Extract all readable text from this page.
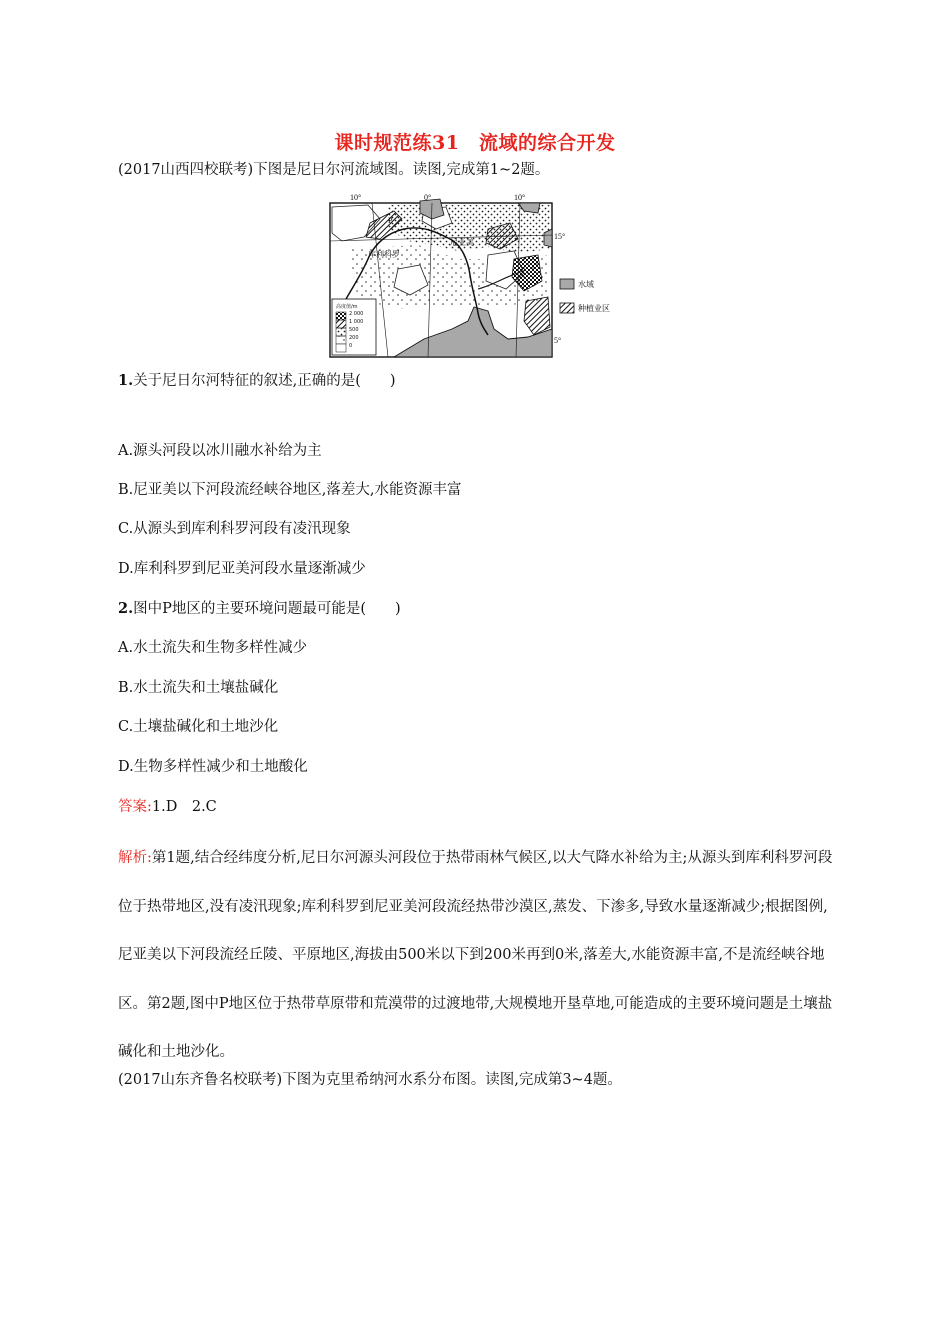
课时规范练31　流域的综合开发
(2017山西四校联考)下图是尼日尔河流域图。读图,完成第1~2题。
10°	0°	10°
15°
5°
P
尼亚美
库利科罗
高度值/m
2 000
1 000
500
200
0
水域
种植业区
1.关于尼日尔河特征的叙述,正确的是(　　)
A.源头河段以冰川融水补给为主
B.尼亚美以下河段流经峡谷地区,落差大,水能资源丰富
C.从源头到库利科罗河段有凌汛现象
D.库利科罗到尼亚美河段水量逐渐减少
2.图中P地区的主要环境问题最可能是(　　)
A.水土流失和生物多样性减少
B.水土流失和土壤盐碱化
C.土壤盐碱化和土地沙化
D.生物多样性减少和土地酸化
答案:1.D　2.C

解析:第1题,结合经纬度分析,尼日尔河源头河段位于热带雨林气候区,以大气降水补给为主;从源头到库利科罗河段位于热带地区,没有凌汛现象;库利科罗到尼亚美河段流经热带沙漠区,蒸发、下渗多,导致水量逐渐减少;根据图例,尼亚美以下河段流经丘陵、平原地区,海拔由500米以下到200米再到0米,落差大,水能资源丰富,不是流经峡谷地区。第2题,图中P地区位于热带草原带和荒漠带的过渡地带,大规模地开垦草地,可能造成的主要环境问题是土壤盐碱化和土地沙化。

(2017山东齐鲁名校联考)下图为克里希纳河水系分布图。读图,完成第3~4题。
